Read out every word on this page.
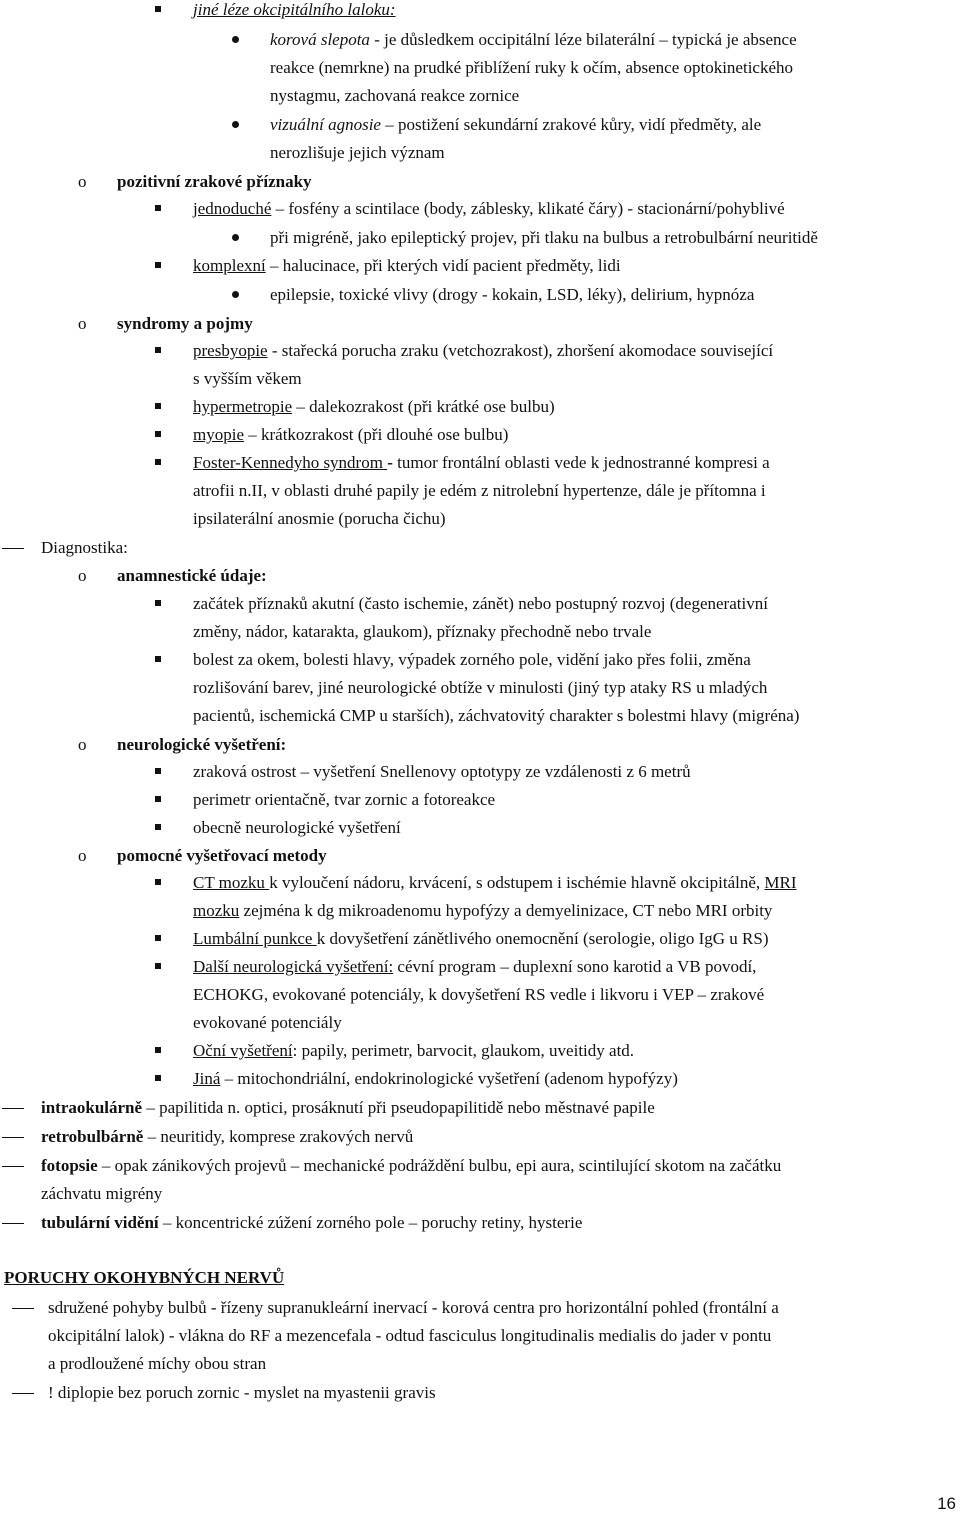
jiné léze okcipitálního laloku:
korová slepota - je důsledkem occipitální léze bilaterální – typická je absence
reakce (nemrkne) na prudké přiblížení ruky k očím, absence optokinetického
nystagmu, zachovaná reakce zornice
vizuální agnosie – postižení sekundární zrakové kůry, vidí předměty, ale
nerozlišuje jejich význam
o pozitivní zrakové příznaky
jednoduché – fosfény a scintilace (body, záblesky, klikaté čáry) - stacionární/pohyblivé
při migréně, jako epileptický projev, při tlaku na bulbus a retrobulbární neuritidě
komplexní – halucinace, při kterých vidí pacient předměty, lidi
epilepsie, toxické vlivy (drogy - kokain, LSD, léky), delirium, hypnóza
o syndromy a pojmy
presbyopie - stařecká porucha zraku (vetchozrakost), zhoršení akomodace související
s vyšším věkem
hypermetropie – dalekozrakost (při krátké ose bulbu)
myopie – krátkozrakost (při dlouhé ose bulbu)
Foster-Kennedyho syndrom - tumor frontální oblasti vede k jednostranné kompresi a
atrofii n.II, v oblasti druhé papily je edém z nitrolební hypertenze, dále je přítomna i
ipsilaterální anosmie (porucha čichu)
Diagnostika:
o anamnestické údaje:
začátek příznaků akutní (často ischemie, zánět) nebo postupný rozvoj (degenerativní
změny, nádor, katarakta, glaukom), příznaky přechodně nebo trvale
bolest za okem, bolesti hlavy, výpadek zorného pole, vidění jako přes folii, změna
rozlišování barev, jiné neurologické obtíže v minulosti (jiný typ ataky RS u mladých
pacientů, ischemická CMP u starších), záchvatovitý charakter s bolestmi hlavy (migréna)
o neurologické vyšetření:
zraková ostrost – vyšetření Snellenovy optotypy ze vzdálenosti z 6 metrů
perimetr orientačně, tvar zornic a fotoreakce
obecně neurologické vyšetření
o pomocné vyšetřovací metody
CT mozku k vyloučení nádoru, krvácení, s odstupem i ischémie hlavně okcipitálně, MRI
mozku zejména k dg mikroadenomu hypofýzy a demyelinizace, CT nebo MRI orbity
Lumbální punkce k dovyšetření zánětlivého onemocnění (serologie, oligo IgG u RS)
Další neurologická vyšetření: cévní program – duplexní sono karotid a VB povodí,
ECHOKG, evokované potenciály, k dovyšetření RS vedle i likvoru i VEP – zrakové
evokované potenciály
Oční vyšetření: papily, perimetr, barvocit, glaukom, uveitidy atd.
Jiná – mitochondriální, endokrinologické vyšetření (adenom hypofýzy)
intraokulárně – papilitida n. optici, prosáknutí při pseudopapilitidě nebo městnavé papile
retrobulbárně – neuritidy, komprese zrakových nervů
fotopsie – opak zánikových projevů – mechanické podráždění bulbu, epi aura, scintilující skotom na začátku
záchvatu migrény
tubulární vidění – koncentrické zúžení zorného pole – poruchy retiny, hysterie
PORUCHY OKOHYBNÝCH NERVŮ
sdružené pohyby bulbů - řízeny supranukleární inervací - korová centra pro horizontální pohled (frontální a
okcipitální lalok) - vlákna do RF a mezencefala - odtud fasciculus longitudinalis medialis do jader v pontu
a prodloužené míchy obou stran
! diplopie bez poruch zornic - myslet na myastenii gravis
16
